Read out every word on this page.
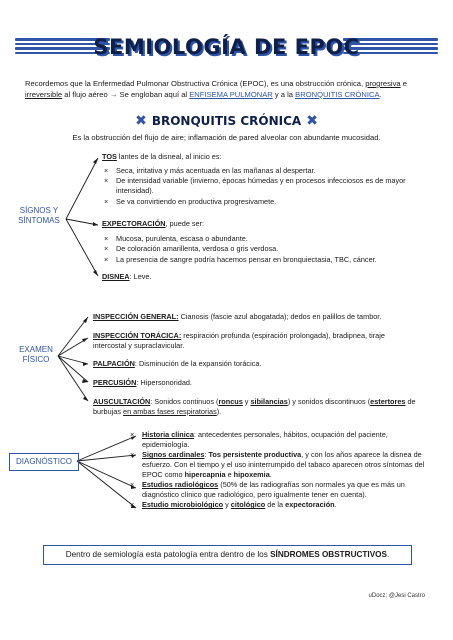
SEMIOLOGÍA DE EPOC
Recordemos que la Enfermedad Pulmonar Obstructiva Crónica (EPOC), es una obstrucción crónica, progresiva e irreversible al flujo aéreo → Se engloban aquí al ENFISEMA PULMONAR y a la BRONQUITIS CRÓNICA.
✖ BRONQUITIS CRÓNICA ✖
Es la obstrucción del flujo de aire; inflamación de pared alveolar con abundante mucosidad.
SÍGNOS Y SÍNTOMAS
TOS lantes de la disneal, al inicio es:
× Seca, irritativa y más acentuada en las mañanas al despertar.
× De intensidad variable (invierno, épocas húmedas y en procesos infecciosos es de mayor intensidad).
× Se va convirtiendo en productiva progresivamete.
EXPECTORACIÓN, puede ser:
× Mucosa, purulenta, escasa o abundante.
× De coloración amarillenta, verdosa o gris verdosa.
× La presencia de sangre podría hacemos pensar en bronquiectasia, TBC, cáncer.
DISNEA: Leve.
EXAMEN FÍSICO
INSPECCIÓN GENERAL: Cianosis (fascie azul abogatada); dedos en palillos de tambor.
INSPECCIÓN TORÁCICA: respiración profunda (espiración prolongada), bradipnea, tiraje intercostal y supraclavicular.
PALPACIÓN: Disminución de la expansión torácica.
PERCUSIÓN: Hipersonoridad.
AUSCULTACIÓN: Sonidos continuos (roncus y sibilancias) y sonidos discontinuos (estertores de burbujas en ambas fases respiratorias).
DIAGNÓSTICO
× Historia clínica: antecedentes personales, hábitos, ocupación del paciente, epidemiología.
× Signos cardinales: Tos persistente productiva, y con los años aparece la disnea de esfuerzo. Con el tiempo y el uso ininterrumpido del tabaco aparecen otros síntomas del EPOC como hipercapnia e hipoxemia.
× Estudios radiológicos (50% de las radiografías son normales ya que es más un diagnóstico clínico que radiológico, pero igualmente tener en cuenta).
× Estudio microbiológico y citológico de la expectoración.
Dentro de semiología esta patología entra dentro de los SÍNDROMES OBSTRUCTIVOS.
uDocz: @Jesi Castro
